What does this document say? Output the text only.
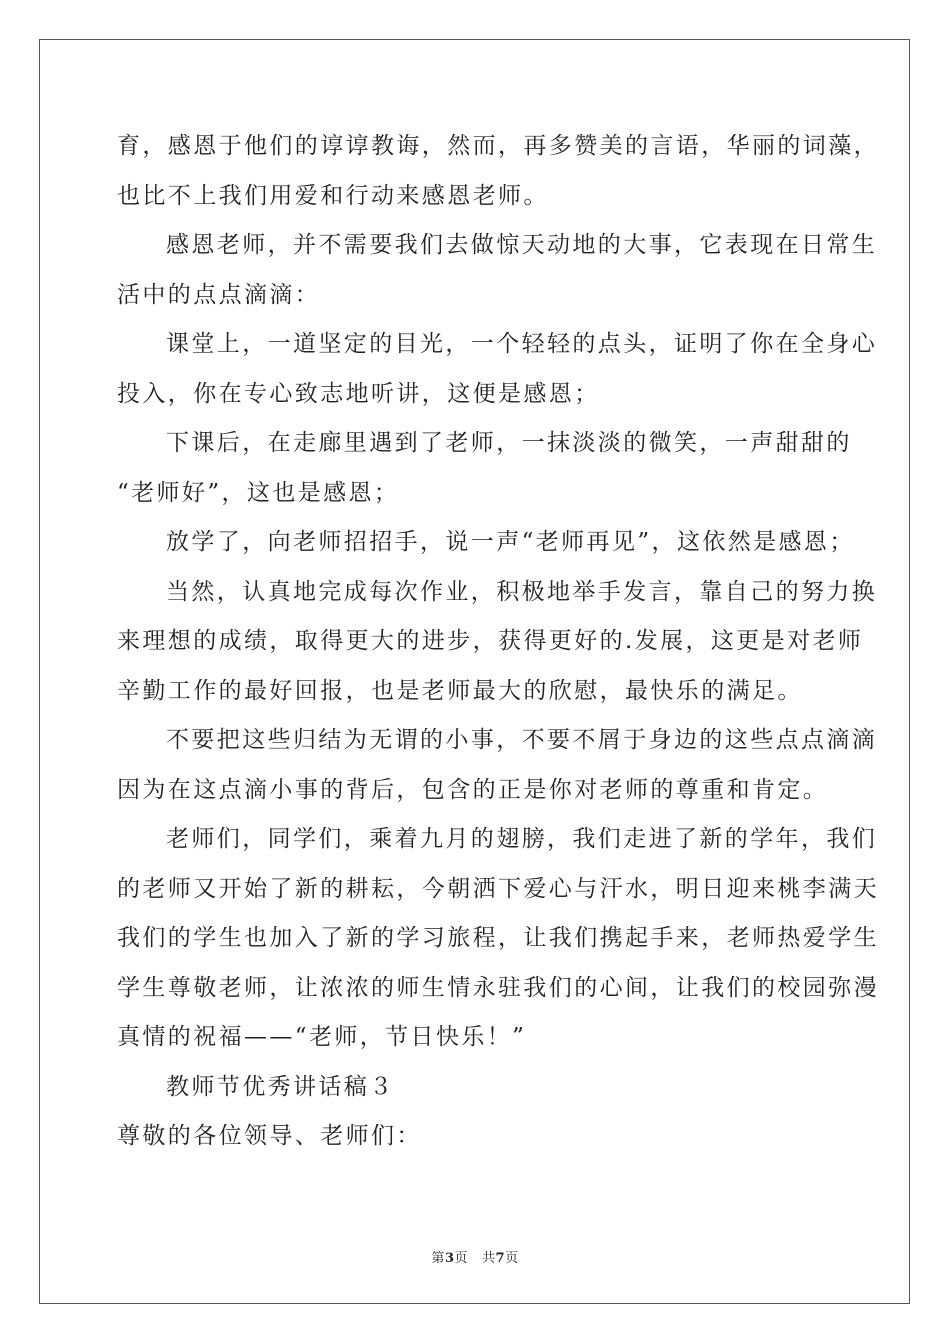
育，感恩于他们的谆谆教诲，然而，再多赞美的言语，华丽的词藻，
也比不上我们用爱和行动来感恩老师。
感恩老师，并不需要我们去做惊天动地的大事，它表现在日常生
活中的点点滴滴：
课堂上，一道坚定的目光，一个轻轻的点头，证明了你在全身心
投入，你在专心致志地听讲，这便是感恩；
下课后，在走廊里遇到了老师，一抹淡淡的微笑，一声甜甜的
“老师好”，这也是感恩；
放学了，向老师招招手，说一声“老师再见”，这依然是感恩；
当然，认真地完成每次作业，积极地举手发言，靠自己的努力换
来理想的成绩，取得更大的进步，获得更好的.发展，这更是对老师
辛勤工作的最好回报，也是老师最大的欣慰，最快乐的满足。
不要把这些归结为无谓的小事，不要不屑于身边的这些点点滴滴
因为在这点滴小事的背后，包含的正是你对老师的尊重和肯定。
老师们，同学们，乘着九月的翅膀，我们走进了新的学年，我们
的老师又开始了新的耕耘，今朝洒下爱心与汗水，明日迎来桃李满天
我们的学生也加入了新的学习旅程，让我们携起手来，老师热爱学生
学生尊敬老师，让浓浓的师生情永驻我们的心间，让我们的校园弥漫
真情的祝福——“老师，节日快乐！”
教师节优秀讲话稿３
尊敬的各位领导、老师们：
第3页 共7页
